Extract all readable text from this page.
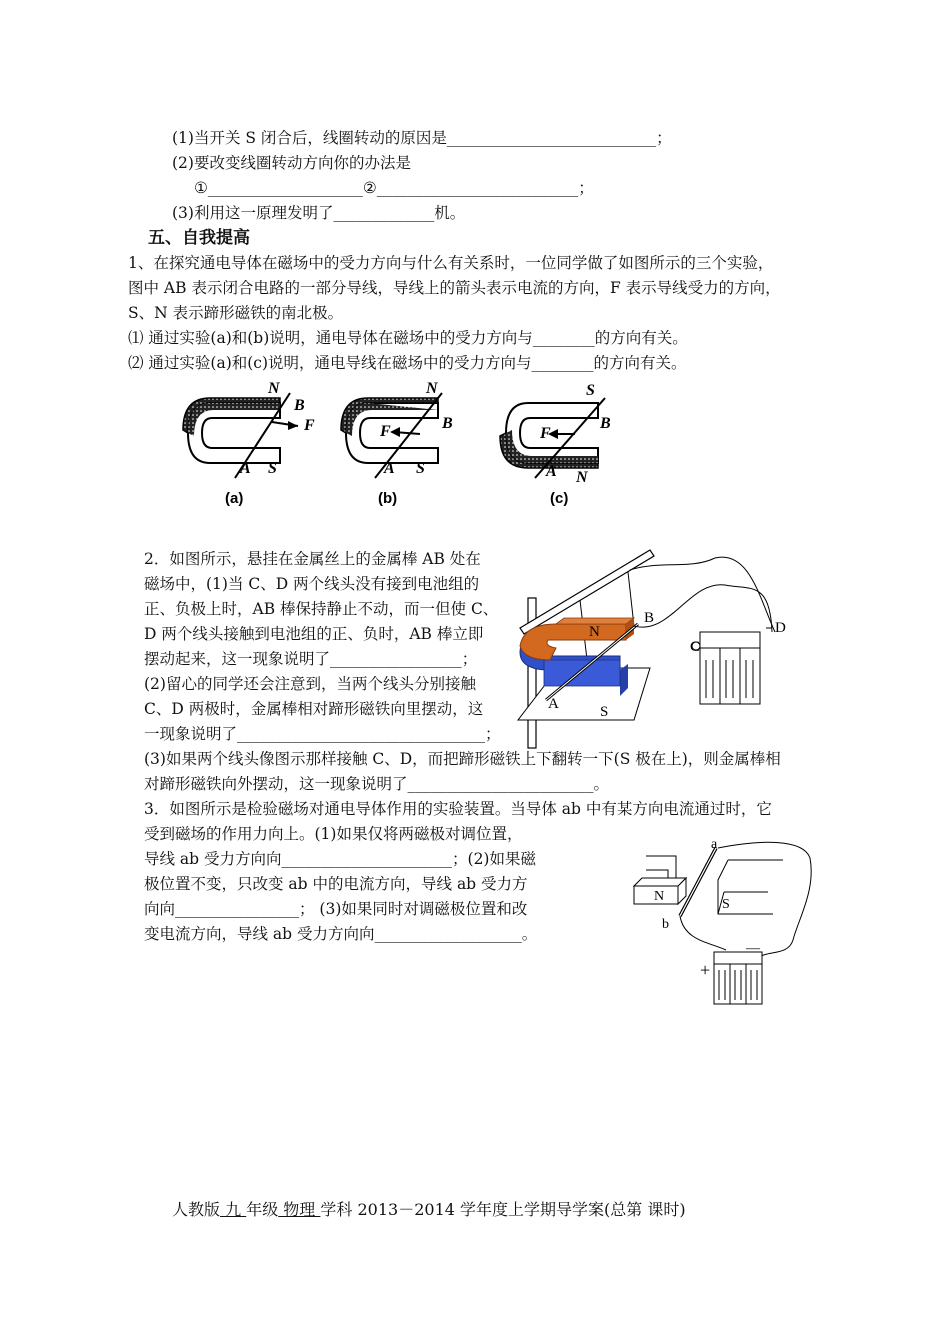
(1)当开关 S 闭合后，线圈转动的原因是___________________________；
(2)要改变线圈转动方向你的办法是
①____________________②__________________________；
(3)利用这一原理发明了_____________机。
五、自我提高
1、在探究通电导体在磁场中的受力方向与什么有关系时，一位同学做了如图所示的三个实验，
图中 AB 表示闭合电路的一部分导线，导线上的箭头表示电流的方向，F 表示导线受力的方向，
S、N 表示蹄形磁铁的南北极。
⑴ 通过实验(a)和(b)说明，通电导体在磁场中的受力方向与________的方向有关。
⑵ 通过实验(a)和(c)说明，通电导线在磁场中的受力方向与________的方向有关。
N
B
F
A S
(a)
N
B
F
A S
(b)
S
B
F
A N
(c)
2．如图所示，悬挂在金属丝上的金属棒 AB 处在
磁场中，(1)当 C、D 两个线头没有接到电池组的
正、负极上时，AB 棒保持静止不动，而一但使 C、
D 两个线头接触到电池组的正、负时，AB 棒立即
摆动起来，这一现象说明了_________________；
(2)留心的同学还会注意到，当两个线头分别接触
C、D 两极时，金属棒相对蹄形磁铁向里摆动，这
一现象说明了________________________________；
(3)如果两个线头像图示那样接触 C、D，而把蹄形磁铁上下翻转一下(S 极在上)，则金属棒相
对蹄形磁铁向外摆动，这一现象说明了________________________。
B
N
A	S
C
D
3．如图所示是检验磁场对通电导体作用的实验装置。当导体 ab 中有某方向电流通过时，它
受到磁场的作用力向上。(1)如果仅将两磁极对调位置，
导线 ab 受力方向向______________________；(2)如果磁
极位置不变，只改变 ab 中的电流方向，导线 ab 受力方
向向________________； (3)如果同时对调磁极位置和改
变电流方向，导线 ab 受力方向向___________________。
a
b
N
S
+
—
人教版 九 年级 物理 学科 2013－2014 学年度上学期导学案(总第 课时)
